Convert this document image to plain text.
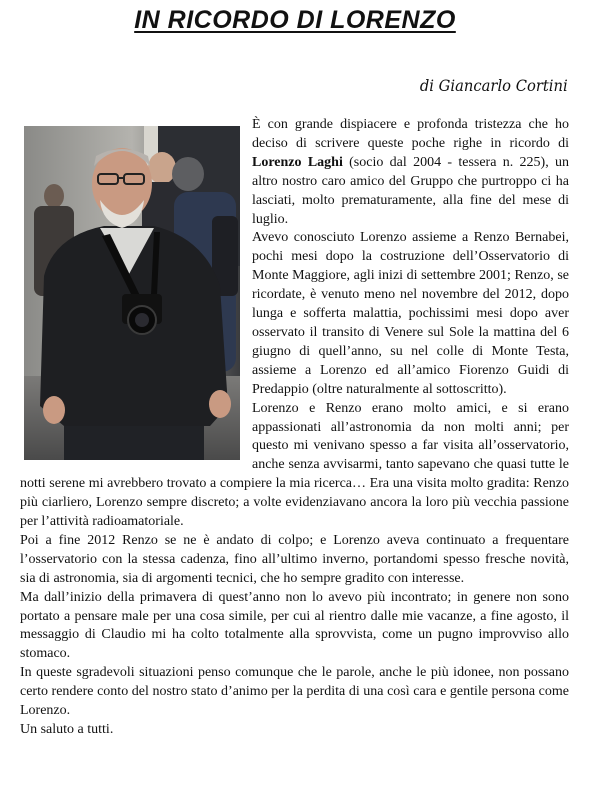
IN RICORDO DI LORENZO
di Giancarlo Cortini

È con grande dispiacere e profonda tristezza che ho deciso di scrivere queste poche righe in ricordo di Lorenzo Laghi (socio dal 2004 - tessera n. 225), un altro nostro caro amico del Gruppo che purtroppo ci ha lasciati, molto prematuramente, alla fine del mese di luglio.

Avevo conosciuto Lorenzo assieme a Renzo Bernabei, pochi mesi dopo la costruzione dell’Osservatorio di Monte Maggiore, agli inizi di settembre 2001; Renzo, se ricordate, è venuto meno nel novembre del 2012, dopo lunga e sofferta malattia, pochissimi mesi dopo aver osservato il transito di Venere sul Sole la mattina del 6 giugno di quell’anno, su nel colle di Monte Testa, assieme a Lorenzo ed all’amico Fiorenzo Guidi di Predappio (oltre naturalmente al sottoscritto).

Lorenzo e Renzo erano molto amici, e si erano appassionati all’astronomia da non molti anni; per questo mi venivano spesso a far visita all’osservatorio, anche senza avvisarmi, tanto sapevano che quasi tutte le notti serene mi avrebbero trovato a compiere la mia ricerca… Era una visita molto gradita: Renzo più ciarliero, Lorenzo sempre discreto; a volte evidenziavano ancora la loro più vecchia passione per l’attività radioamatoriale.

Poi a fine 2012 Renzo se ne è andato di colpo; e Lorenzo aveva continuato a frequentare l’osservatorio con la stessa cadenza, fino all’ultimo inverno, portandomi spesso fresche novità, sia di astronomia, sia di argomenti tecnici, che ho sempre gradito con interesse.

Ma dall’inizio della primavera di quest’anno non lo avevo più incontrato; in genere non sono portato a pensare male per una cosa simile, per cui al rientro dalle mie vacanze, a fine agosto, il messaggio di Claudio mi ha colto totalmente alla sprovvista, come un pugno improvviso allo stomaco.

In queste sgradevoli situazioni penso comunque che le parole, anche le più idonee, non possano certo rendere conto del nostro stato d’animo per la perdita di una così cara e gentile persona come Lorenzo.

Un saluto a tutti.
